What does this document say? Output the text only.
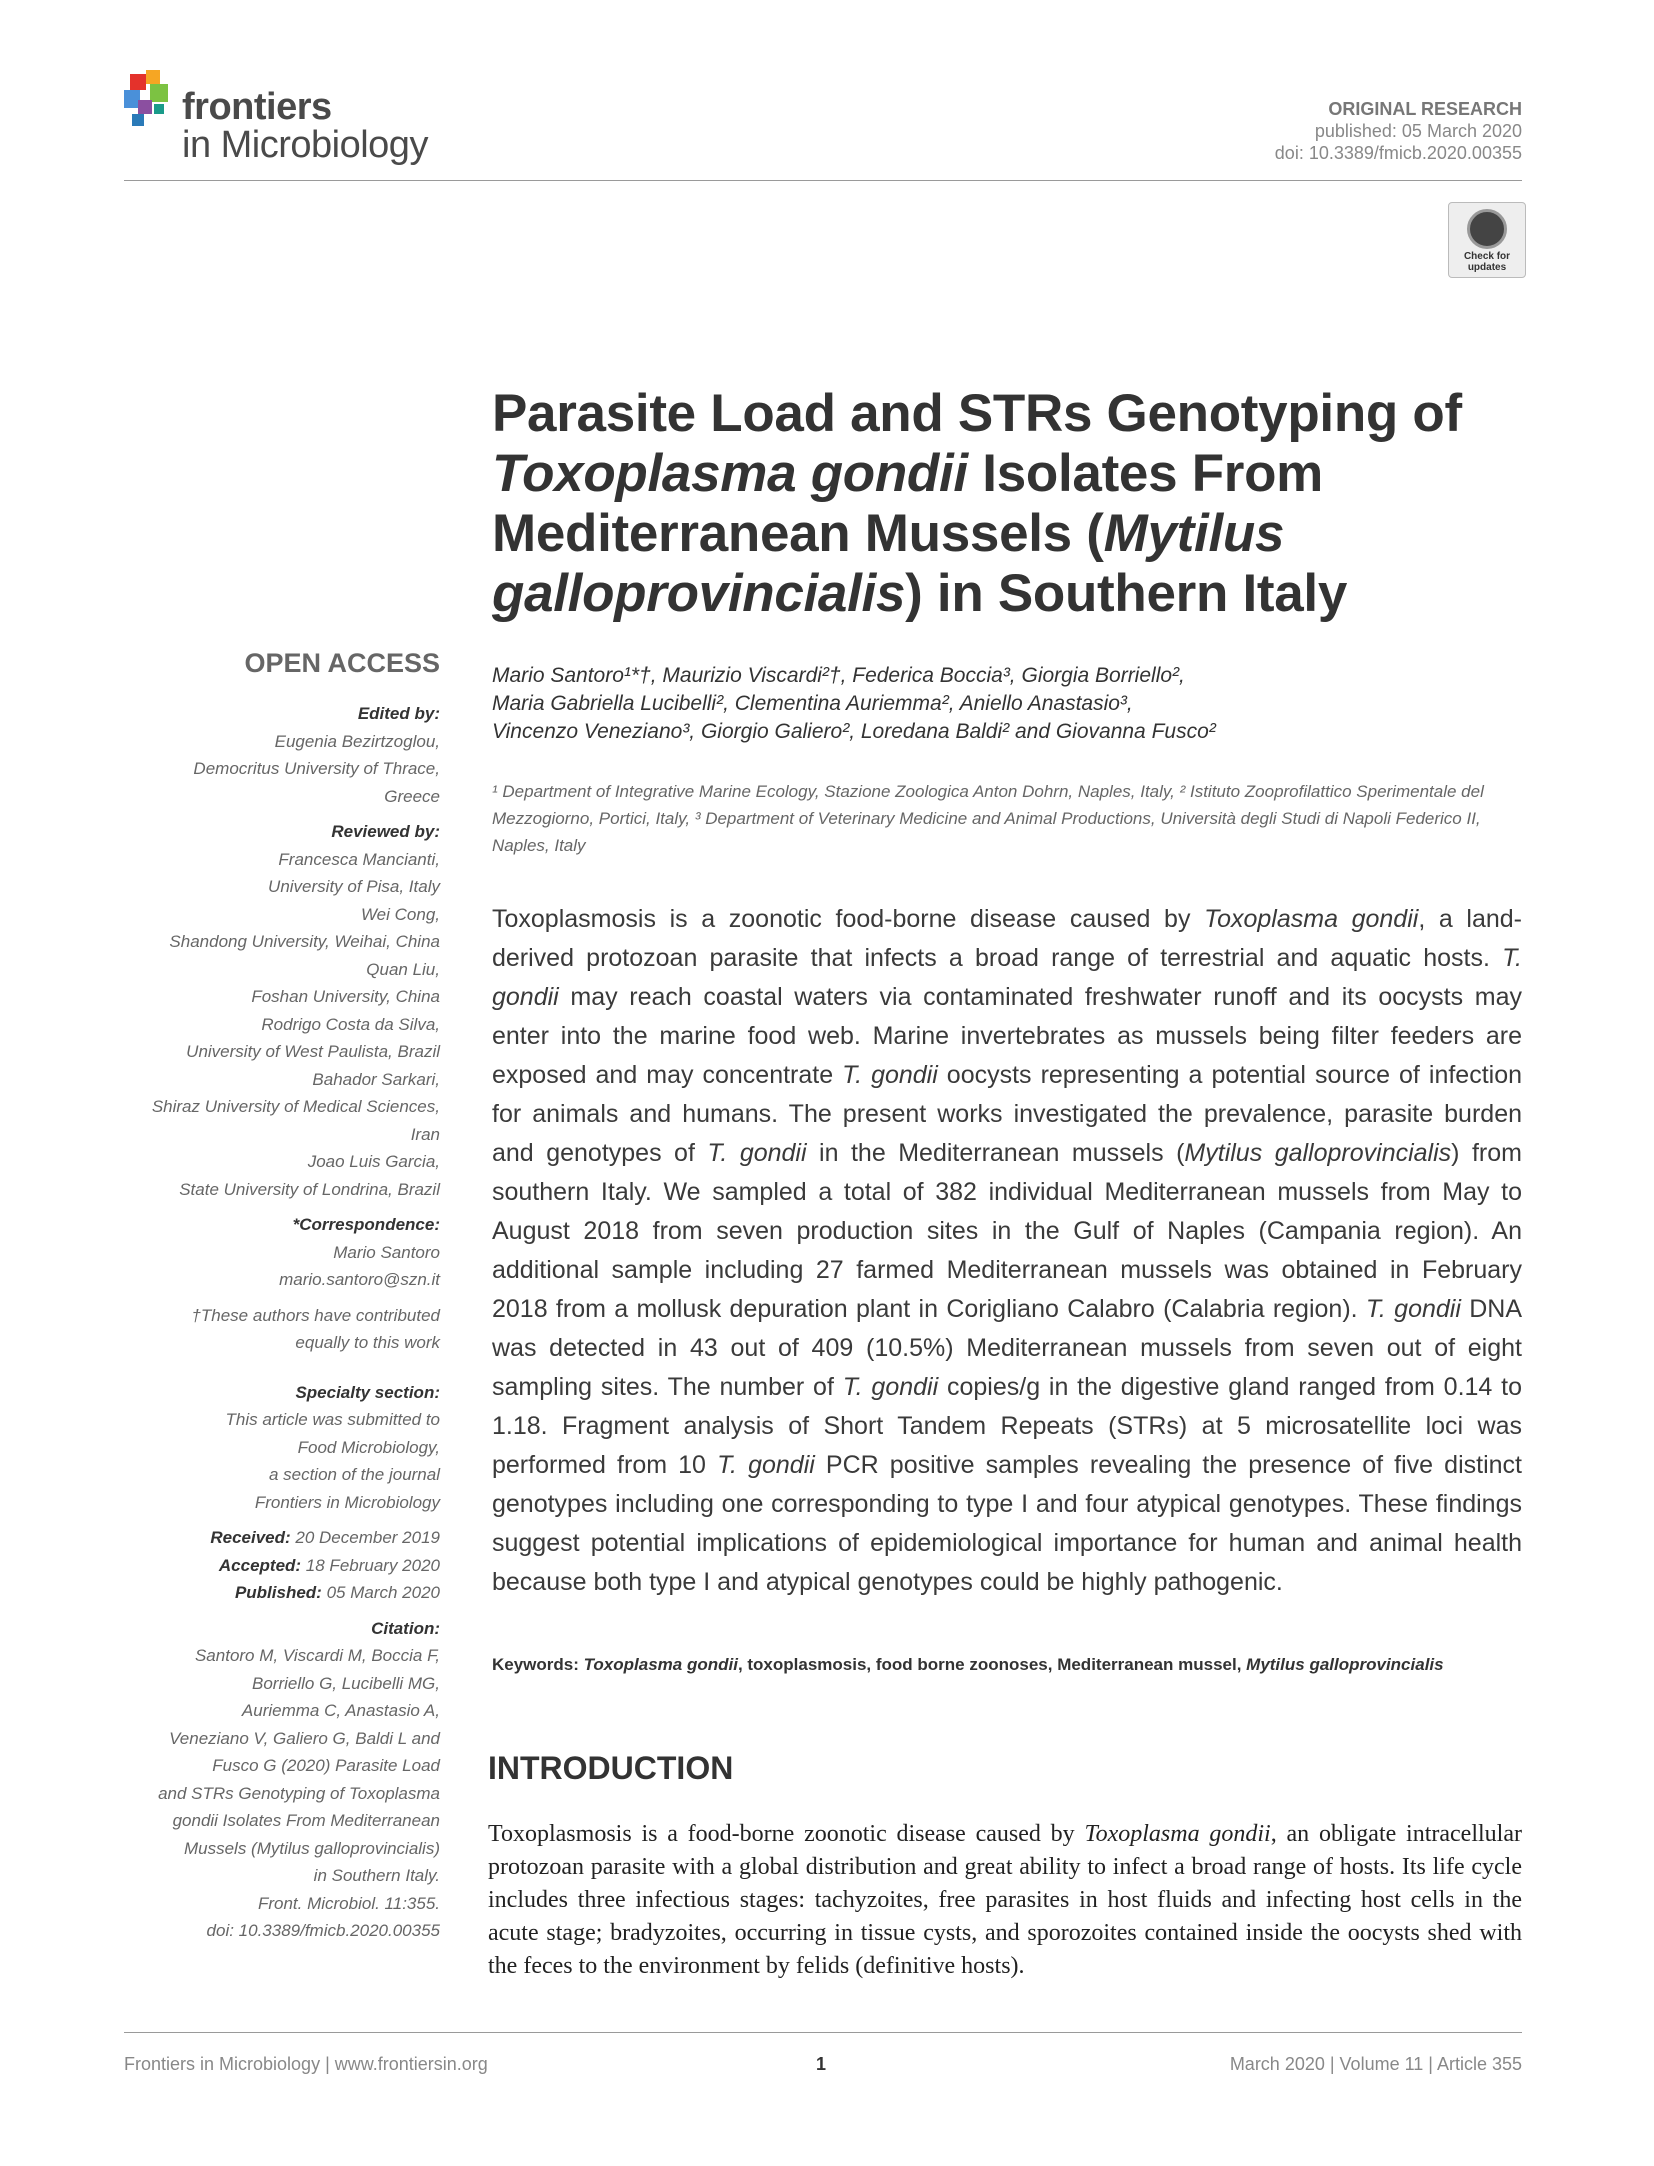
frontiers
in Microbiology
ORIGINAL RESEARCH
published: 05 March 2020
doi: 10.3389/fmicb.2020.00355
Check for updates
Parasite Load and STRs Genotyping of Toxoplasma gondii Isolates From Mediterranean Mussels (Mytilus galloprovincialis) in Southern Italy
Mario Santoro¹*†, Maurizio Viscardi²†, Federica Boccia³, Giorgia Borriello²,
Maria Gabriella Lucibelli², Clementina Auriemma², Aniello Anastasio³,
Vincenzo Veneziano³, Giorgio Galiero², Loredana Baldi² and Giovanna Fusco²
¹ Department of Integrative Marine Ecology, Stazione Zoologica Anton Dohrn, Naples, Italy, ² Istituto Zooprofilattico Sperimentale del Mezzogiorno, Portici, Italy, ³ Department of Veterinary Medicine and Animal Productions, Università degli Studi di Napoli Federico II, Naples, Italy
Toxoplasmosis is a zoonotic food-borne disease caused by Toxoplasma gondii, a land-derived protozoan parasite that infects a broad range of terrestrial and aquatic hosts. T. gondii may reach coastal waters via contaminated freshwater runoff and its oocysts may enter into the marine food web. Marine invertebrates as mussels being filter feeders are exposed and may concentrate T. gondii oocysts representing a potential source of infection for animals and humans. The present works investigated the prevalence, parasite burden and genotypes of T. gondii in the Mediterranean mussels (Mytilus galloprovincialis) from southern Italy. We sampled a total of 382 individual Mediterranean mussels from May to August 2018 from seven production sites in the Gulf of Naples (Campania region). An additional sample including 27 farmed Mediterranean mussels was obtained in February 2018 from a mollusk depuration plant in Corigliano Calabro (Calabria region). T. gondii DNA was detected in 43 out of 409 (10.5%) Mediterranean mussels from seven out of eight sampling sites. The number of T. gondii copies/g in the digestive gland ranged from 0.14 to 1.18. Fragment analysis of Short Tandem Repeats (STRs) at 5 microsatellite loci was performed from 10 T. gondii PCR positive samples revealing the presence of five distinct genotypes including one corresponding to type I and four atypical genotypes. These findings suggest potential implications of epidemiological importance for human and animal health because both type I and atypical genotypes could be highly pathogenic.
Keywords: Toxoplasma gondii, toxoplasmosis, food borne zoonoses, Mediterranean mussel, Mytilus galloprovincialis
INTRODUCTION
Toxoplasmosis is a food-borne zoonotic disease caused by Toxoplasma gondii, an obligate intracellular protozoan parasite with a global distribution and great ability to infect a broad range of hosts. Its life cycle includes three infectious stages: tachyzoites, free parasites in host fluids and infecting host cells in the acute stage; bradyzoites, occurring in tissue cysts, and sporozoites contained inside the oocysts shed with the feces to the environment by felids (definitive hosts).
OPEN ACCESS
Edited by:
Eugenia Bezirtzoglou,
Democritus University of Thrace,
Greece
Reviewed by:
Francesca Mancianti,
University of Pisa, Italy
Wei Cong,
Shandong University, Weihai, China
Quan Liu,
Foshan University, China
Rodrigo Costa da Silva,
University of West Paulista, Brazil
Bahador Sarkari,
Shiraz University of Medical Sciences,
Iran
Joao Luis Garcia,
State University of Londrina, Brazil
*Correspondence:
Mario Santoro
mario.santoro@szn.it
†These authors have contributed
equally to this work
Specialty section:
This article was submitted to
Food Microbiology,
a section of the journal
Frontiers in Microbiology
Received: 20 December 2019
Accepted: 18 February 2020
Published: 05 March 2020
Citation:
Santoro M, Viscardi M, Boccia F,
Borriello G, Lucibelli MG,
Auriemma C, Anastasio A,
Veneziano V, Galiero G, Baldi L and
Fusco G (2020) Parasite Load
and STRs Genotyping of Toxoplasma
gondii Isolates From Mediterranean
Mussels (Mytilus galloprovincialis)
in Southern Italy.
Front. Microbiol. 11:355.
doi: 10.3389/fmicb.2020.00355
Frontiers in Microbiology | www.frontiersin.org	1	March 2020 | Volume 11 | Article 355
